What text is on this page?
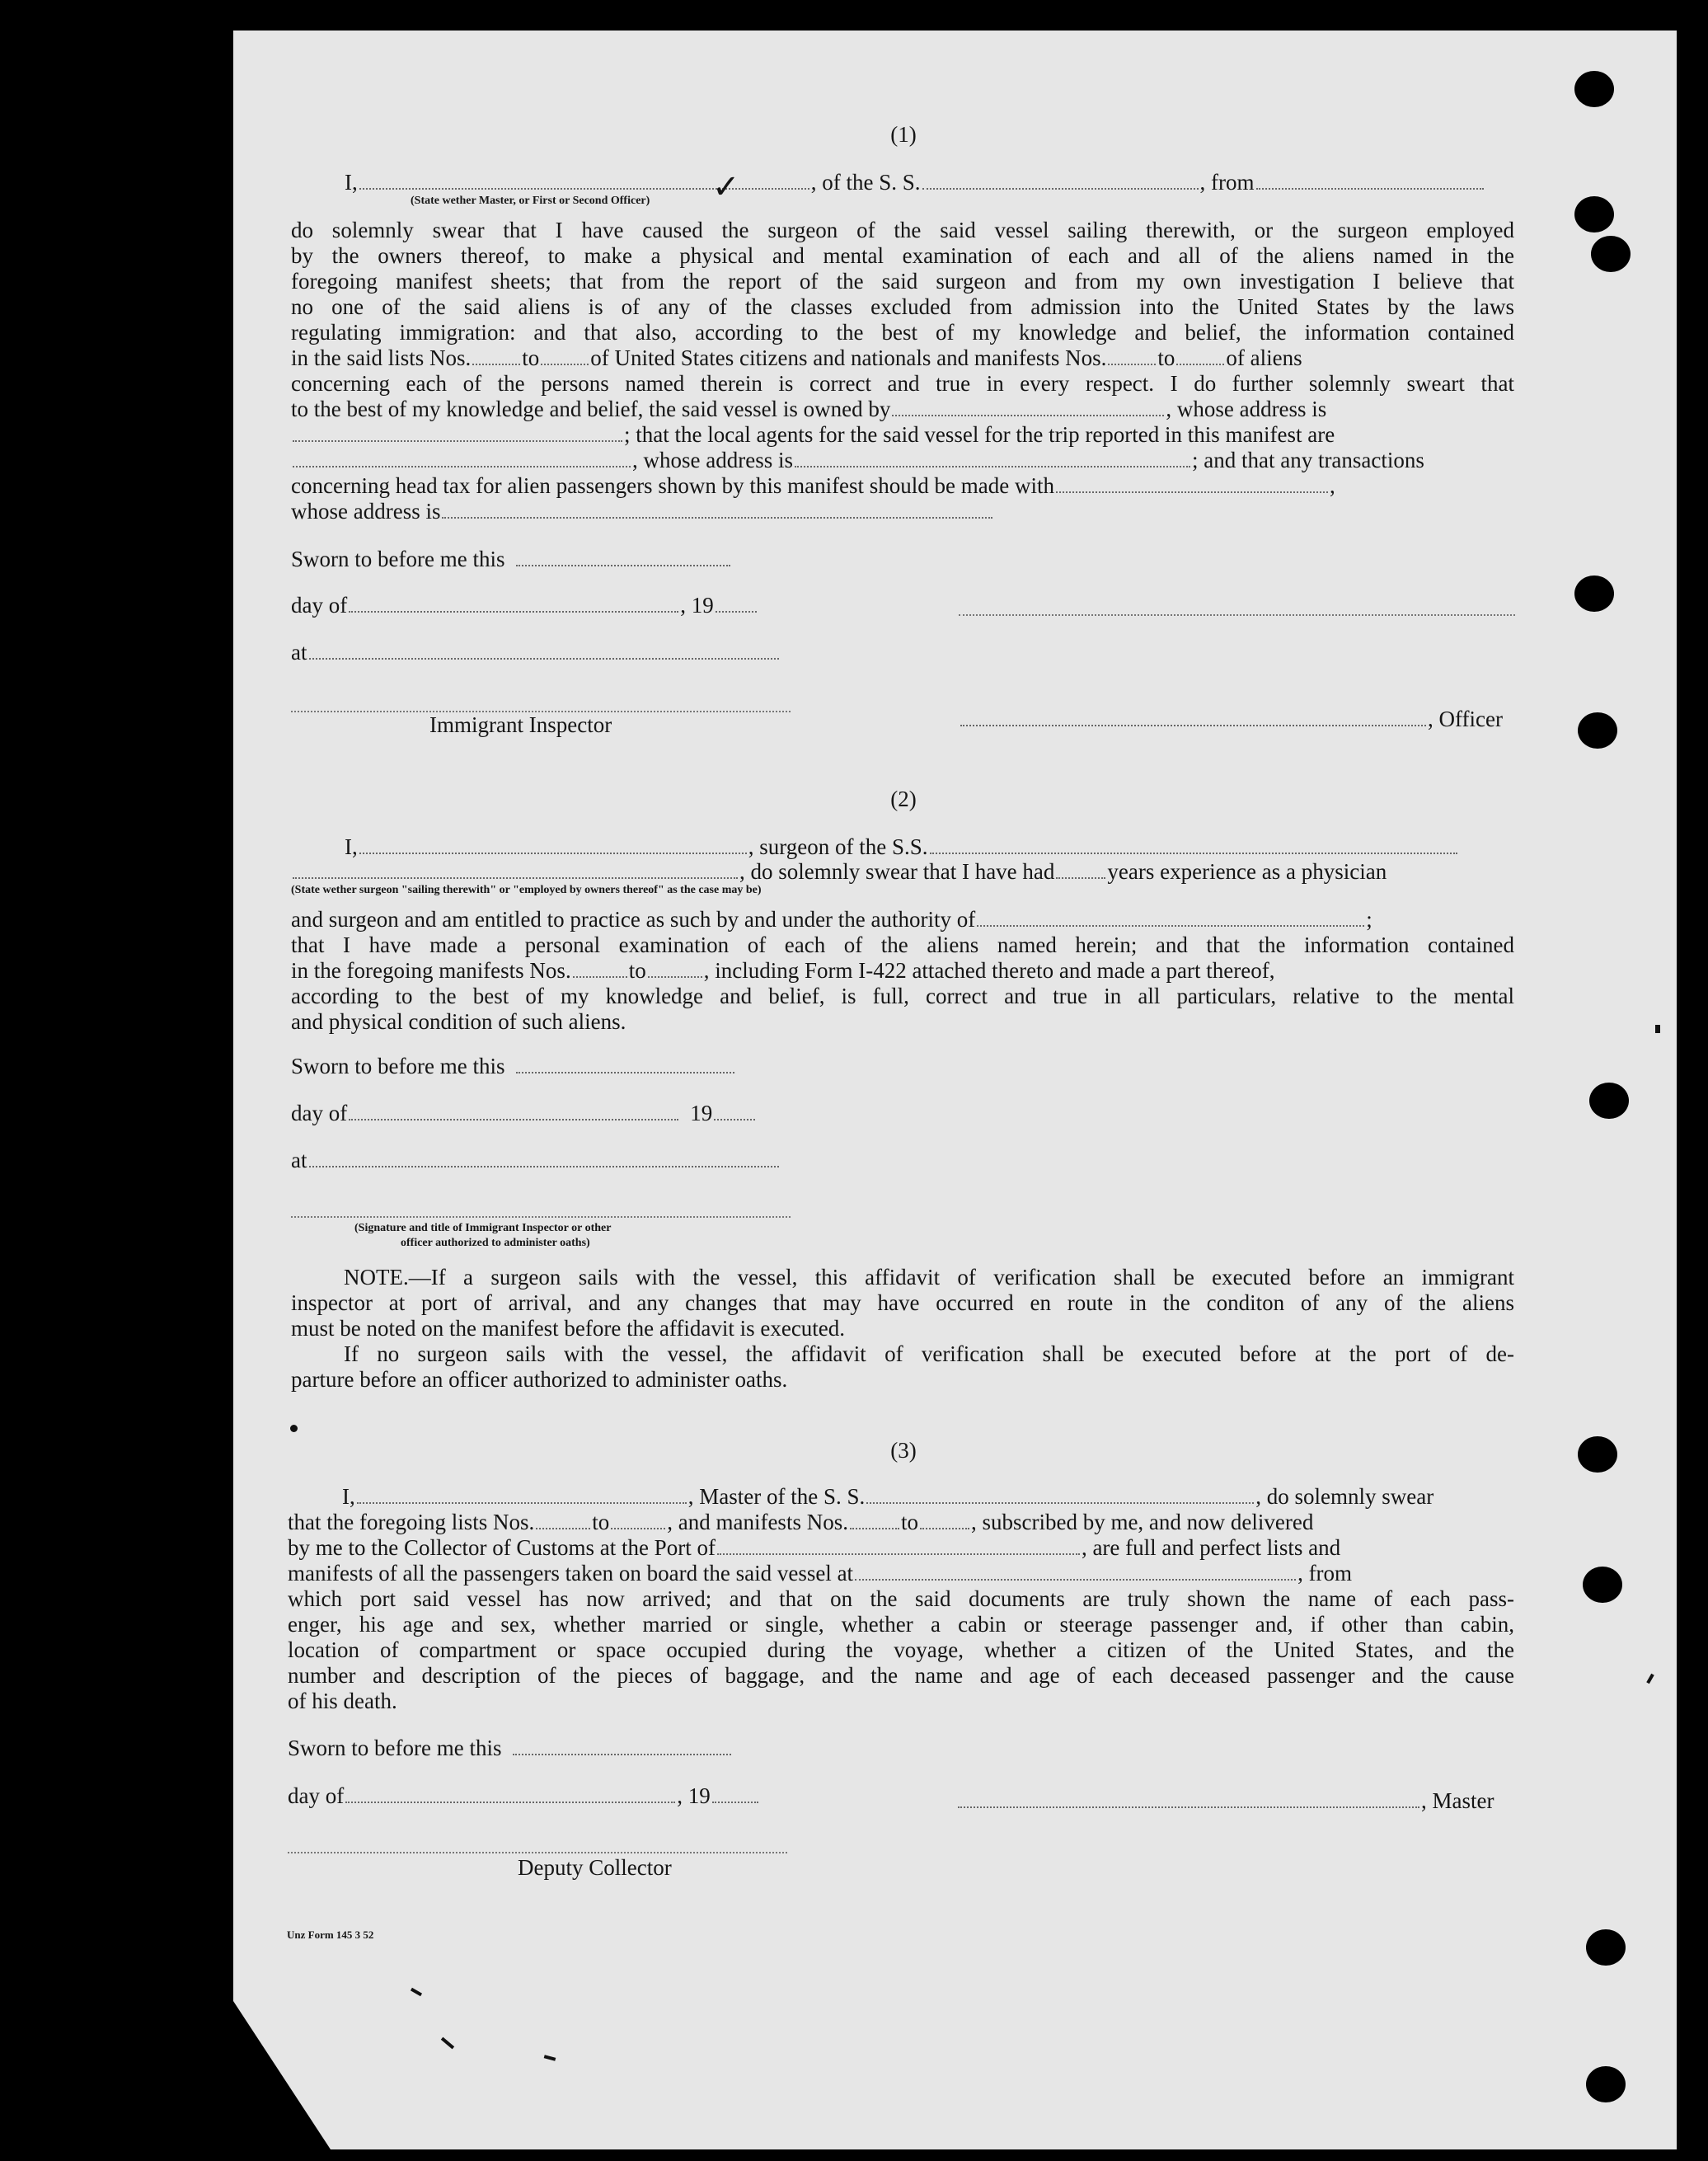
(1)
I,	, of the S. S.	, from
(State wether Master, or First or Second Officer) ✓
do solemnly swear that I have caused the surgeon of the said vessel sailing therewith, or the surgeon employed
by the owners thereof, to make a physical and mental examination of each and all of the aliens named in the
foregoing manifest sheets; that from the report of the said surgeon and from my own investigation I believe that
no one of the said aliens is of any of the classes excluded from admission into the United States by the laws
regulating immigration: and that also, according to the best of my knowledge and belief, the information contained
in the said lists Nos. to of United States citizens and nationals and manifests Nos. to of aliens
concerning each of the persons named therein is correct and true in every respect. I do further solemnly sweart that
to the best of my knowledge and belief, the said vessel is owned by	, whose address is
; that the local agents for the said vessel for the trip reported in this manifest are
, whose address is	; and that any transactions
concerning head tax for alien passengers shown by this manifest should be made with	,
whose address is
Sworn to before me this
day of	, 19
at
Immigrant Inspector	, Officer
(2)
I,	, surgeon of the S.S.
, do solemnly swear that I have had years experience as a physician
(State wether surgeon "sailing therewith" or "employed by owners thereof" as the case may be)
and surgeon and am entitled to practice as such by and under the authority of	;
that I have made a personal examination of each of the aliens named herein; and that the information contained
in the foregoing manifests Nos.	to	, including Form I-422 attached thereto and made a part thereof,
according to the best of my knowledge and belief, is full, correct and true in all particulars, relative to the mental
and physical condition of such aliens.
Sworn to before me this
day of	19
at
(Signature and title of Immigrant Inspector or other
officer authorized to administer oaths)
NOTE.—If a surgeon sails with the vessel, this affidavit of verification shall be executed before an immigrant
inspector at port of arrival, and any changes that may have occurred en route in the conditon of any of the aliens
must be noted on the manifest before the affidavit is executed.
If no surgeon sails with the vessel, the affidavit of verification shall be executed before at the port of de-
parture before an officer authorized to administer oaths.
(3)
I,	, Master of the S. S.	, do solemnly swear
that the foregoing lists Nos.	to	, and manifests Nos. to , subscribed by me, and now delivered
by me to the Collector of Customs at the Port of	, are full and perfect lists and
manifests of all the passengers taken on board the said vessel at	, from
which port said vessel has now arrived; and that on the said documents are truly shown the name of each pass-
enger, his age and sex, whether married or single, whether a cabin or steerage passenger and, if other than cabin,
location of compartment or space occupied during the voyage, whether a citizen of the United States, and the
number and description of the pieces of baggage, and the name and age of each deceased passenger and the cause
of his death.
Sworn to before me this
day of	, 19	, Master
Deputy Collector
Unz Form 145 3 52
